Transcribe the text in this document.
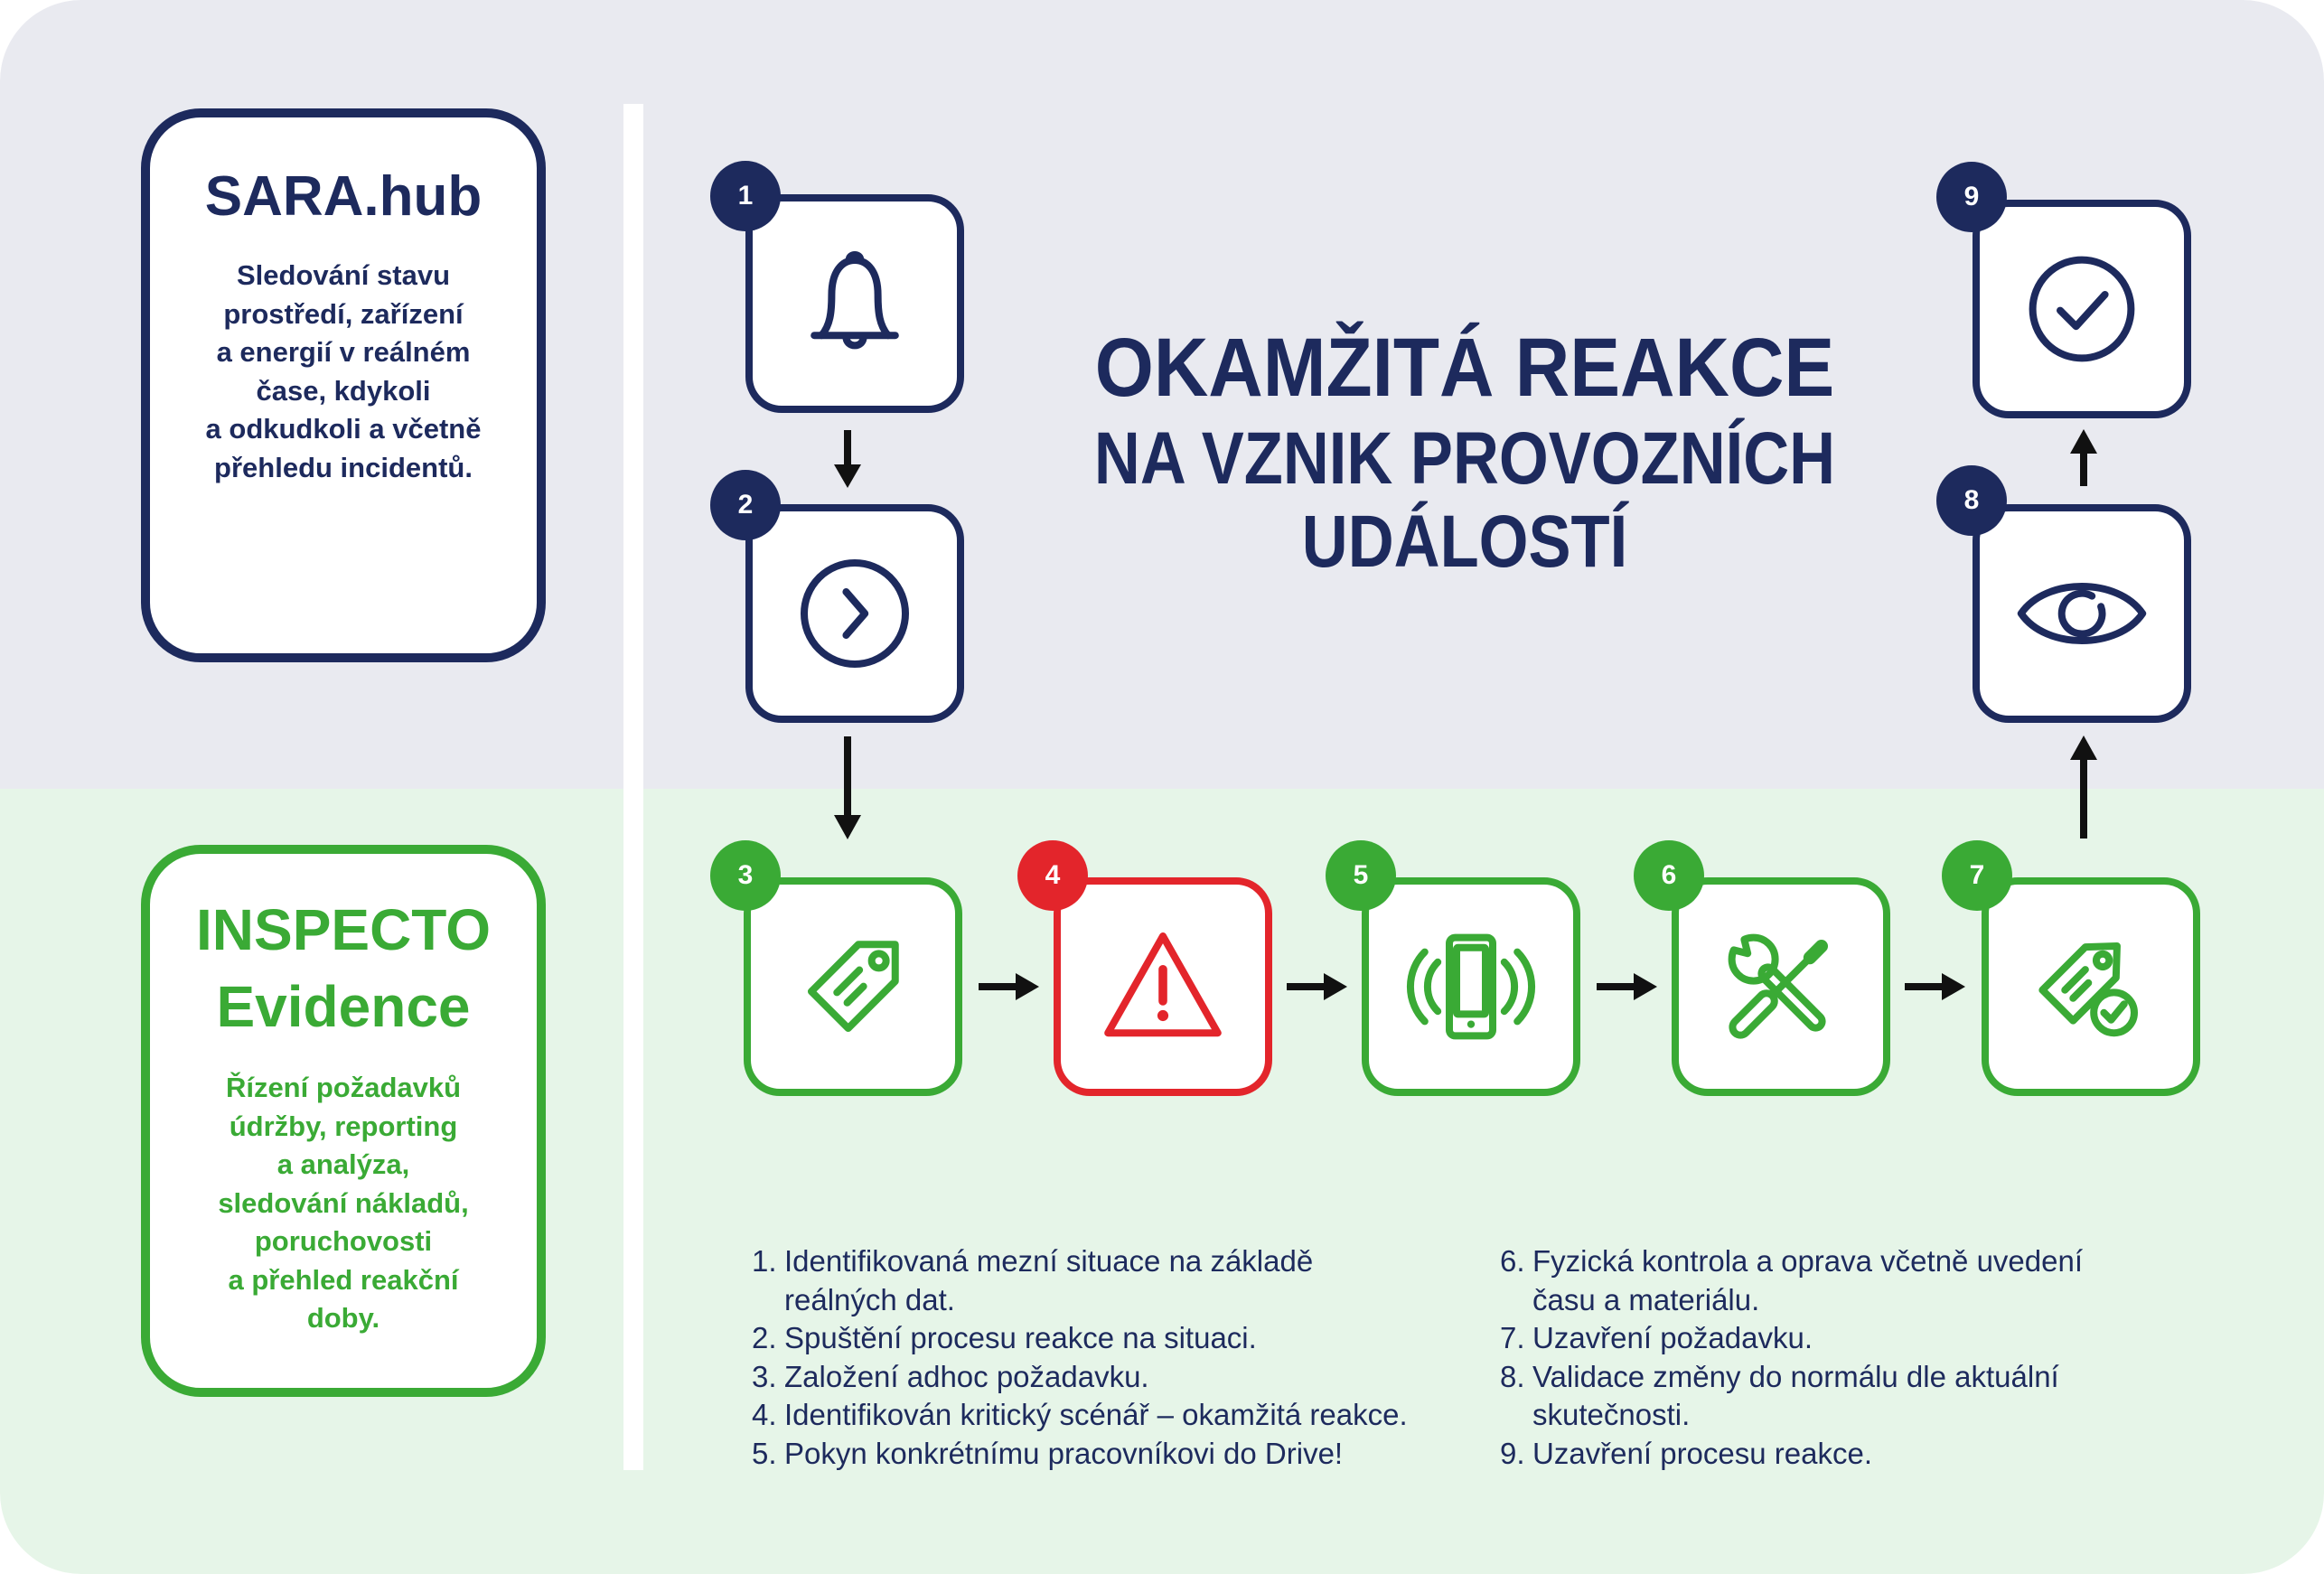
SARA.hub
Sledování stavu
prostředí, zařízení
a energií v reálném
čase, kdykoli
a odkudkoli a včetně
přehledu incidentů.
INSPECTO
Evidence
Řízení požadavků
údržby, reporting
a analýza,
sledování nákladů,
poruchovosti
a přehled reakční
doby.
OKAMŽITÁ REAKCE
NA VZNIK PROVOZNÍCH
UDÁLOSTÍ
1
2
3	4	5	6	7
8
9
1. Identifikovaná mezní situace na základě
reálných dat.
2. Spuštění procesu reakce na situaci.
3. Založení adhoc požadavku.
4. Identifikován kritický scénář – okamžitá reakce.
5. Pokyn konkrétnímu pracovníkovi do Drive!
6. Fyzická kontrola a oprava včetně uvedení
času a materiálu.
7. Uzavření požadavku.
8. Validace změny do normálu dle aktuální
skutečnosti.
9. Uzavření procesu reakce.
